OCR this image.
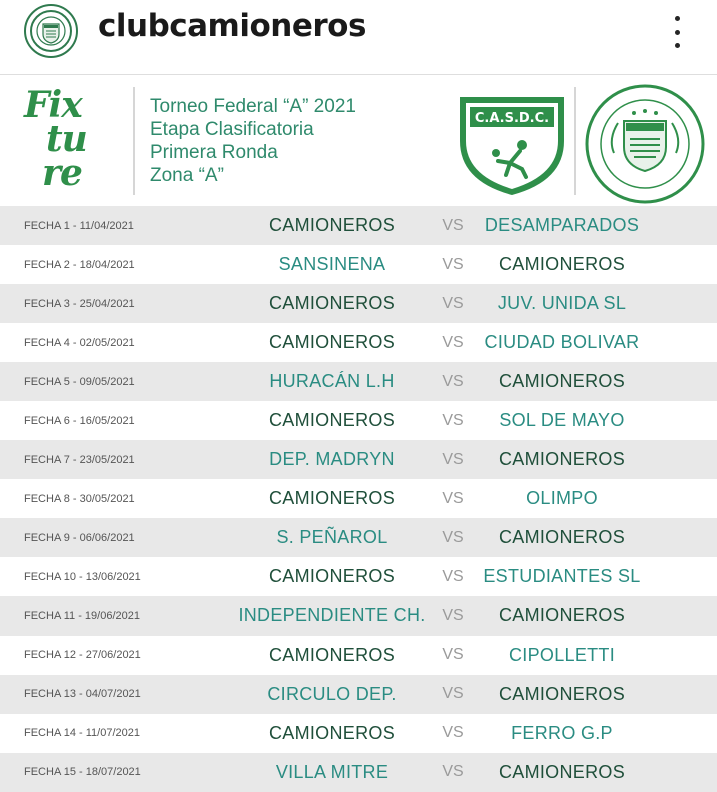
clubcamioneros
Fix
tu
re
Torneo Federal “A” 2021
Etapa Clasificatoria
Primera Ronda
Zona “A”
C.A.S.D.C.
FECHA 1 - 11/04/2021	CAMIONEROS	VS	DESAMPARADOS
FECHA 2 - 18/04/2021	SANSINENA	VS	CAMIONEROS
FECHA 3 - 25/04/2021	CAMIONEROS	VS	JUV. UNIDA SL
FECHA 4 - 02/05/2021	CAMIONEROS	VS	CIUDAD BOLIVAR
FECHA 5 - 09/05/2021	HURACÁN L.H	VS	CAMIONEROS
FECHA 6 - 16/05/2021	CAMIONEROS	VS	SOL DE MAYO
FECHA 7 - 23/05/2021	DEP. MADRYN	VS	CAMIONEROS
FECHA 8 - 30/05/2021	CAMIONEROS	VS	OLIMPO
FECHA 9 - 06/06/2021	S. PEÑAROL	VS	CAMIONEROS
FECHA 10 - 13/06/2021	CAMIONEROS	VS	ESTUDIANTES SL
FECHA 11 - 19/06/2021	INDEPENDIENTE CH.	VS	CAMIONEROS
FECHA 12 - 27/06/2021	CAMIONEROS	VS	CIPOLLETTI
FECHA 13 - 04/07/2021	CIRCULO DEP.	VS	CAMIONEROS
FECHA 14 - 11/07/2021	CAMIONEROS	VS	FERRO G.P
FECHA 15 - 18/07/2021	VILLA MITRE	VS	CAMIONEROS
